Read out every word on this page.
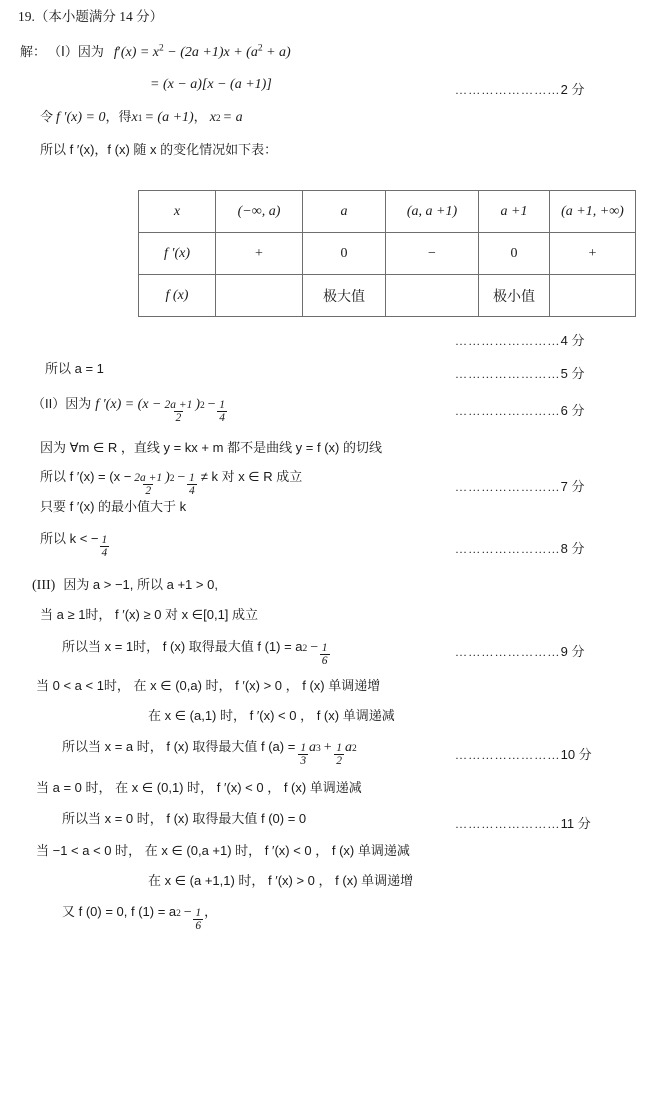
19.（本小题满分 14 分）
解： （Ⅰ）因为 $f'(x) = x^2 - (2a +1)x + (a^2 + a)$
= (x − a)[x − (a +1)]	……………………2 分
令 f ′(x) = 0 ，得 x 1 = (a +1) ， x 2 = a
所以 f ′(x)，f (x) 随 x 的变化情况如下表：
x	(−∞, a)	a	(a, a +1)	a +1	(a +1, +∞)
f ′(x)	+	0	−	0	+
f (x)		极大值		极小值	
……………………4 分
所以 a = 1	……………………5 分
（II）因为 f $'(x) = (x - \frac{2a +1}{2}$ ) $2 - \frac{1}{4}$	……………………6 分
因为 ∀m ∈ R ，直线 y = kx + m 都不是曲线 y = f (x) 的切线
所以 f $'(x) = (x - \frac{2a +1}{2}$ ) $2 - \frac{1}{4} \ne k$ 对 x ∈ R 成立
……………………7 分
只要 f ′(x) 的最小值大于 k
所以 k < − $\frac{1}{4}$	……………………8 分
(III) 因为 a > −1, 所以 a +1 > 0,
当 a ≥ 1时， f ′(x) ≥ 0 对 x ∈[0,1] 成立
所以当 x = 1时， f (x) 取得最大值 f (1) = a $2 - \frac{1}{6}$	……………………9 分
当 0 < a < 1时， 在 x ∈ (0,a) 时， f ′(x) > 0 ， f (x) 单调递增
在 x ∈ (a,1) 时， f ′(x) < 0 ， f (x) 单调递减
所以当 x = a 时， f (x) 取得最大值 f $(a) = \frac{1}{3}$ a $3 + \frac{1}{2}$ a 2	……………………10 分
当 a = 0 时， 在 x ∈ (0,1) 时， f ′(x) < 0 ， f (x) 单调递减
所以当 x = 0 时， f (x) 取得最大值 f (0) = 0	……………………11 分
当 −1 < a < 0 时， 在 x ∈ (0,a +1) 时， f ′(x) < 0 ， f (x) 单调递减
在 x ∈ (a +1,1) 时， f ′(x) > 0 ， f (x) 单调递增
又 f (0) = 0, f (1) = a $2 - \frac{1}{6}$ ，
